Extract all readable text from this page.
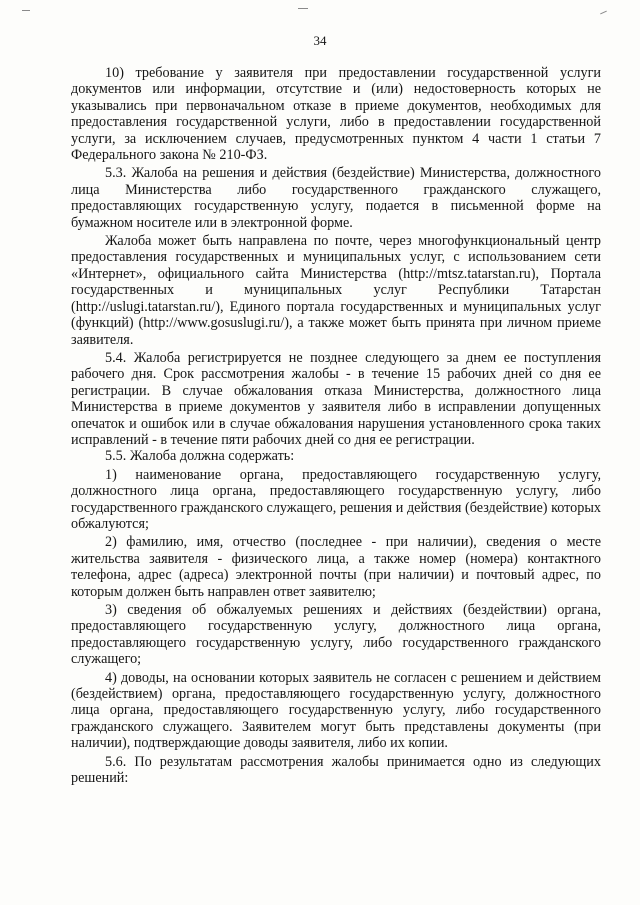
34

10) требование у заявителя при предоставлении государственной услуги документов или информации, отсутствие и (или) недостоверность которых не указывались при первоначальном отказе в приеме документов, необходимых для предоставления государственной услуги, либо в предоставлении государственной услуги, за исключением случаев, предусмотренных пунктом 4 части 1 статьи 7 Федерального закона № 210-ФЗ.

5.3. Жалоба на решения и действия (бездействие) Министерства, должностного лица Министерства либо государственного гражданского служащего, предоставляющих государственную услугу, подается в письменной форме на бумажном носителе или в электронной форме.

Жалоба может быть направлена по почте, через многофункциональный центр предоставления государственных и муниципальных услуг, с использованием сети «Интернет», официального сайта Министерства (http://mtsz.tatarstan.ru), Портала государственных и муниципальных услуг Республики Татарстан (http://uslugi.tatarstan.ru/), Единого портала государственных и муниципальных услуг (функций) (http://www.gosuslugi.ru/), а также может быть принята при личном приеме заявителя.

5.4. Жалоба регистрируется не позднее следующего за днем ее поступления рабочего дня. Срок рассмотрения жалобы - в течение 15 рабочих дней со дня ее регистрации. В случае обжалования отказа Министерства, должностного лица Министерства в приеме документов у заявителя либо в исправлении допущенных опечаток и ошибок или в случае обжалования нарушения установленного срока таких исправлений - в течение пяти рабочих дней со дня ее регистрации.

5.5. Жалоба должна содержать:

1) наименование органа, предоставляющего государственную услугу, должностного лица органа, предоставляющего государственную услугу, либо государственного гражданского служащего, решения и действия (бездействие) которых обжалуются;

2) фамилию, имя, отчество (последнее - при наличии), сведения о месте жительства заявителя - физического лица, а также номер (номера) контактного телефона, адрес (адреса) электронной почты (при наличии) и почтовый адрес, по которым должен быть направлен ответ заявителю;

3) сведения об обжалуемых решениях и действиях (бездействии) органа, предоставляющего государственную услугу, должностного лица органа, предоставляющего государственную услугу, либо государственного гражданского служащего;

4) доводы, на основании которых заявитель не согласен с решением и действием (бездействием) органа, предоставляющего государственную услугу, должностного лица органа, предоставляющего государственную услугу, либо государственного гражданского служащего. Заявителем могут быть представлены документы (при наличии), подтверждающие доводы заявителя, либо их копии.

5.6. По результатам рассмотрения жалобы принимается одно из следующих решений:
